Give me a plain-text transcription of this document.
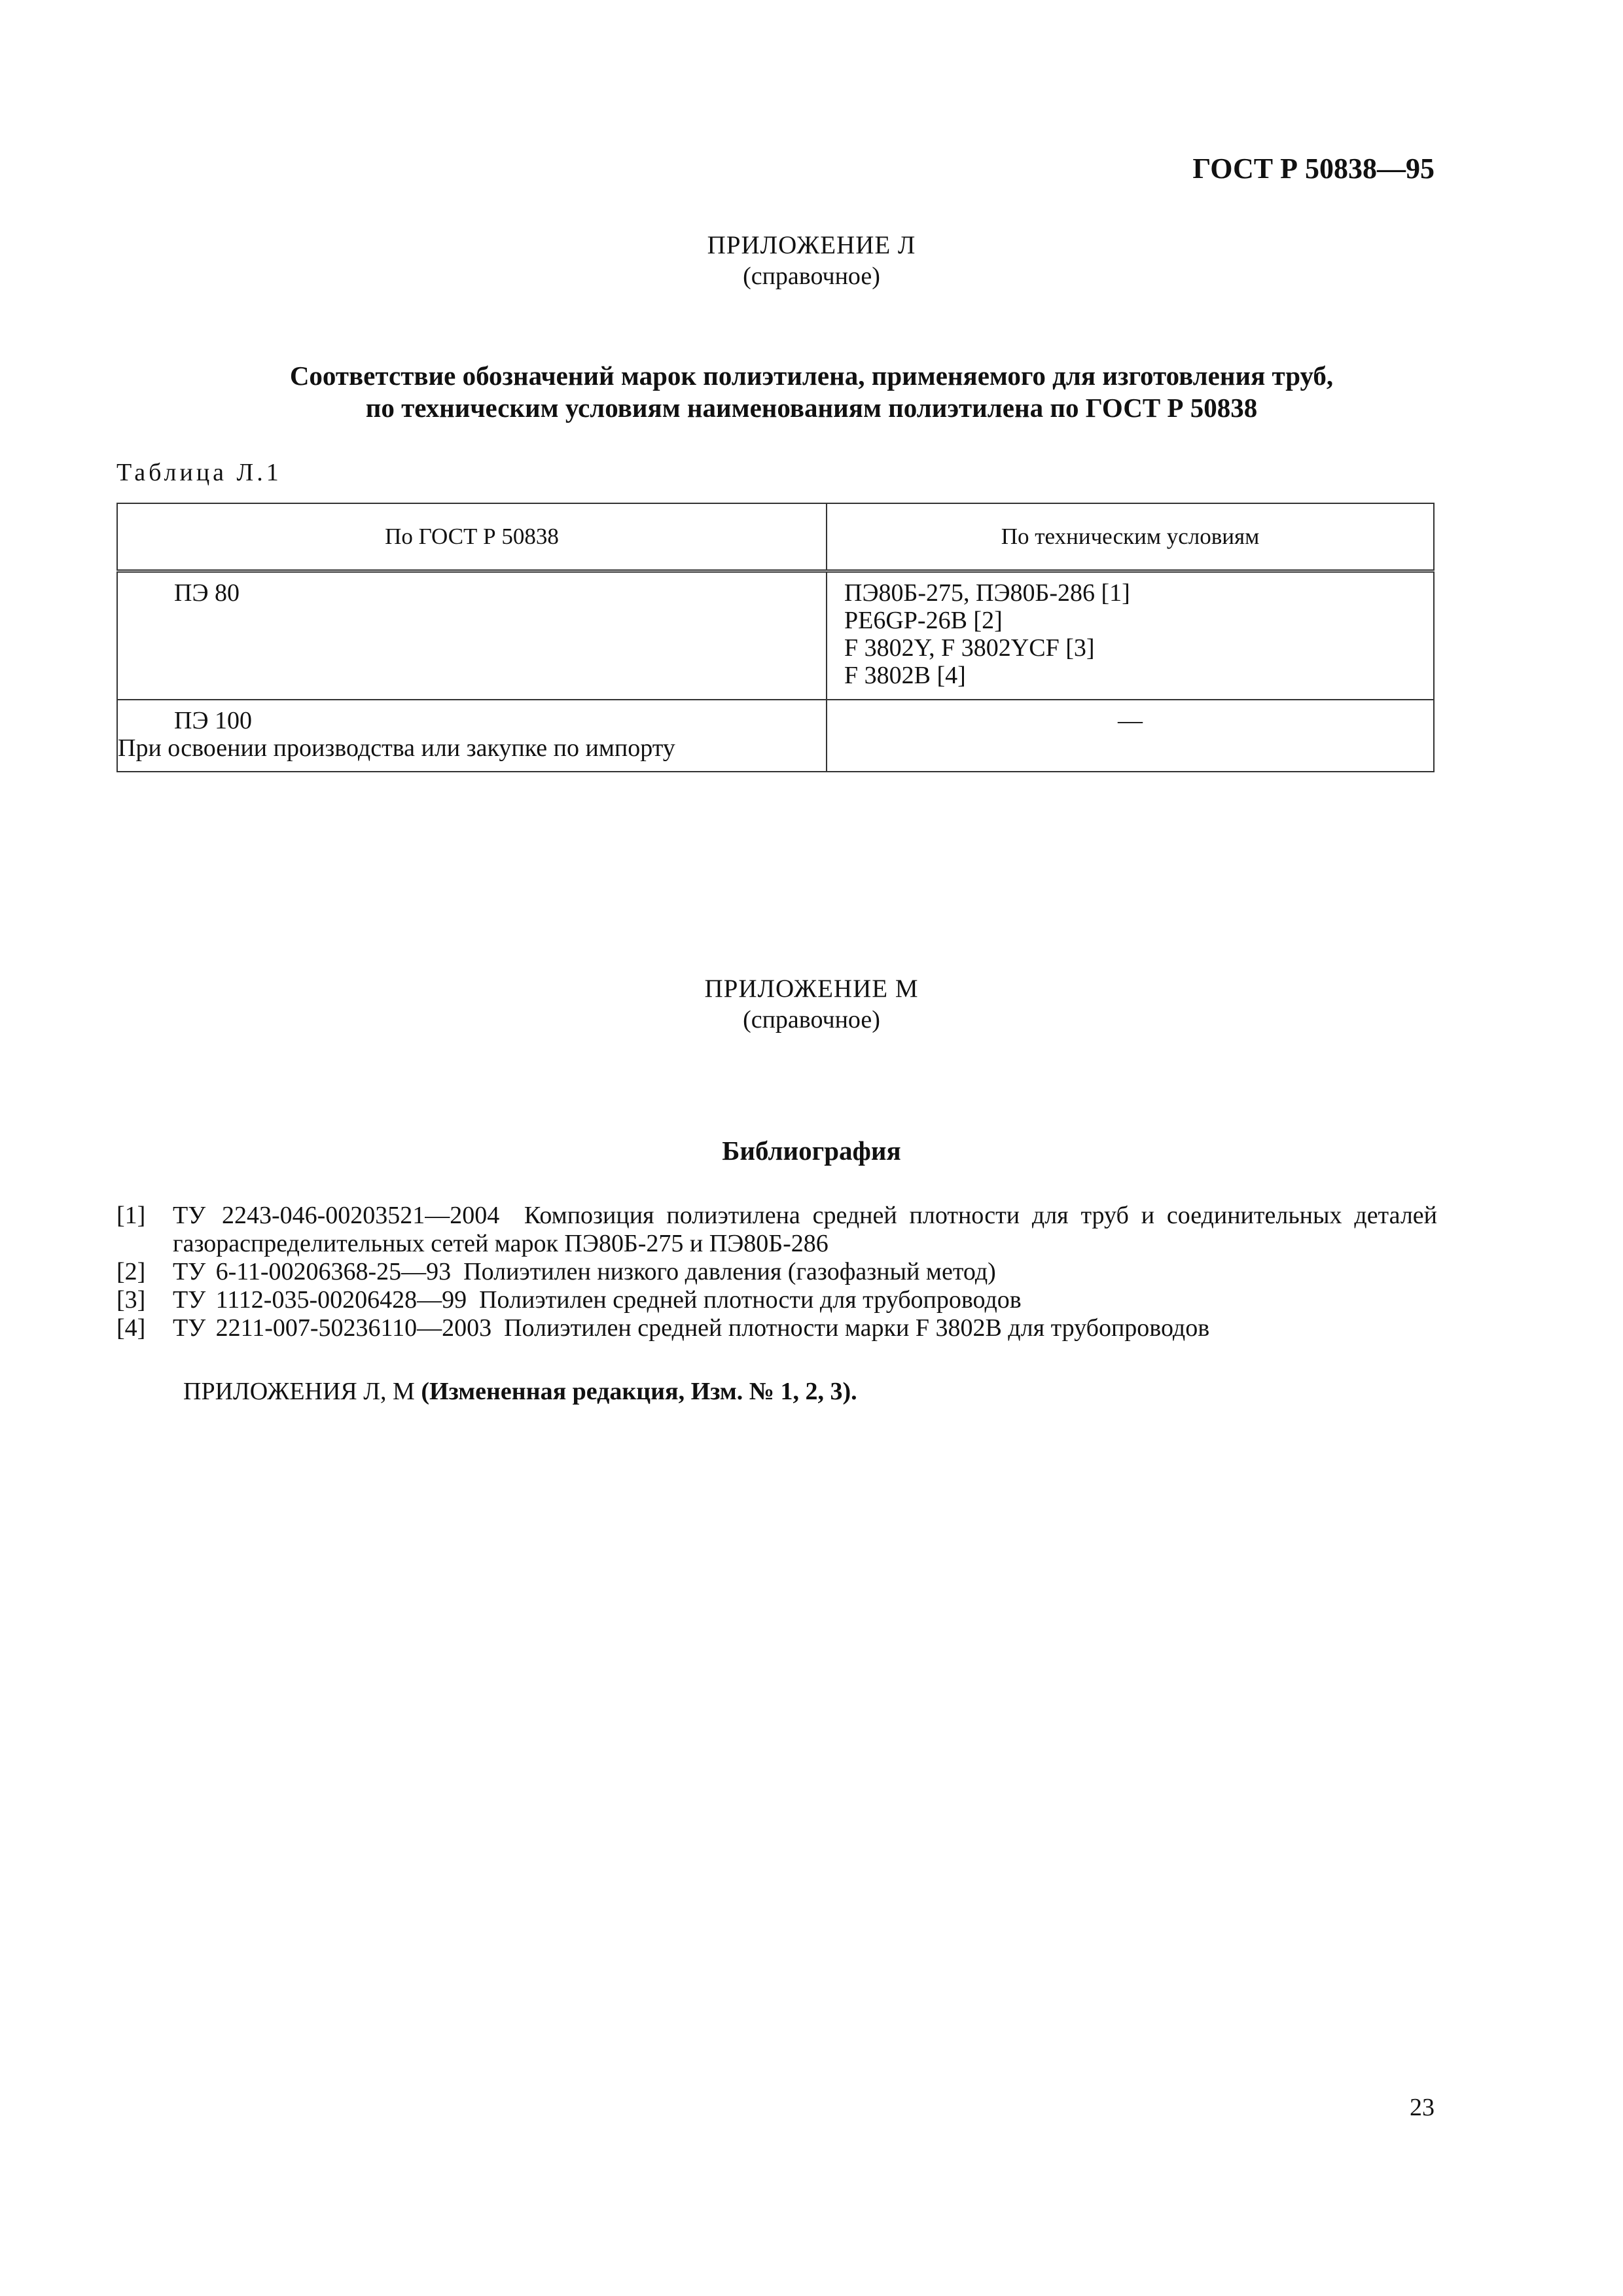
ГОСТ Р 50838—95
ПРИЛОЖЕНИЕ Л
(справочное)
Соответствие обозначений марок полиэтилена, применяемого для изготовления труб,
по техническим условиям наименованиям полиэтилена по ГОСТ Р 50838
Таблица Л.1
По ГОСТ Р 50838	По техническим условиям

ПЭ 80	ПЭ80Б-275, ПЭ80Б-286 [1]
PE6GP-26B [2]
F 3802Y, F 3802YCF [3]
F 3802B [4]

ПЭ 100
При освоении производства или закупке по импорту	—
ПРИЛОЖЕНИЕ М
(справочное)
Библиография
[1] ТУ 2243-046-00203521—2004 Композиция полиэтилена средней плотности для труб и соединительных деталей газораспределительных сетей марок ПЭ80Б-275 и ПЭ80Б-286
[2] ТУ 6-11-00206368-25—93 Полиэтилен низкого давления (газофазный метод)
[3] ТУ 1112-035-00206428—99 Полиэтилен средней плотности для трубопроводов
[4] ТУ 2211-007-50236110—2003 Полиэтилен средней плотности марки F 3802B для трубопроводов
ПРИЛОЖЕНИЯ Л, М (Измененная редакция, Изм. № 1, 2, 3).
23
